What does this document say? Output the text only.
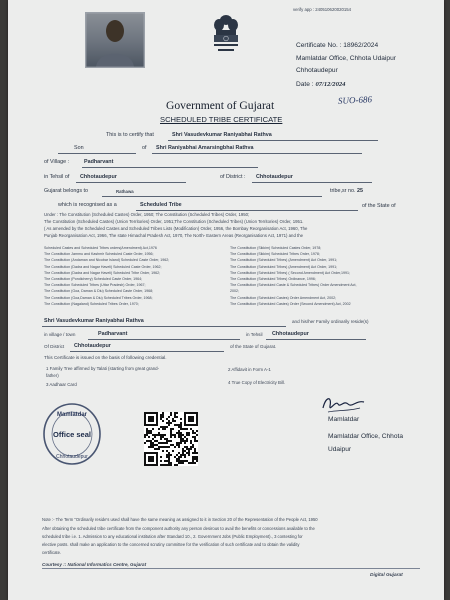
verify app : 240510620020154
Certificate No. : 18962/2024
Mamlatdar Office, Chhota Udaipur
Chhotaudepur
Date : 07/12/2024
SUO-686
Government of Gujarat
SCHEDULED TRIBE CERTIFICATE
This is to certify that	Shri Vasudevkumar Raniyabhai Rathva
Son	of Shri Raniyabhai Amarsingbhai Rathva
of Village :	Padharvant
in Tehsil of Chhotaudepur	of District : Chhotaudepur
Gujarat belongs to	Rathawa	tribe,sr no. 25
which is recognised as a	Scheduled Tribe	of the State of
Under : The Constitution (Scheduled Castes) Order, 1950; The Constitution (Scheduled Tribes) Order, 1950;
The Constitution (Scheduled Castes) (Union Territories) Order, 1951;The Constitution (Scheduled Tribes) (Union Territories) Order, 1951.
( As amended by the Scheduled Castes and Scheduled Tribes Lists (Modification) Order, 1956, the Bombay Reorganisation Act, 1960, The
Punjab Reorganisation Act, 1966, The state Himachal Pradesh Act, 1970, The North- Eastern Areas (Reorganisations Act, 1971) and the
Scheduled Castes and Scheduled Tribes orders(Amendment) Act,1976
The Constitution Jammu and Kashmir Scheduled Caste Order, 1956;
The Constitution (Andaman and Nicobar Island) Scheduled Caste Order, 1962;
The Constitution (Dadra and Nagar Haveli) Scheduled Caste Order, 1962;
The Constitution (Dadra and Nagar Haveli) Scheduled Tribe Order, 1962;
The Constitution (Pondicherry) Scheduled Caste Order, 1964;
The Constitution Scheduled Tribes (Uttar Pradesh) Order, 1967;
The Constitution (Goa, Daman & Diu) Scheduled Caste Order, 1968;
The Constitution (Goa,Daman & Diu) Scheduled Tribes Order, 1968;
The Constitution (Nagaland) Scheduled Tribes Order, 1970;
The Constitution (Sikkim) Scheduled Castes Order, 1978;
The Constitution (Sikkim) Scheduled Tribes Order, 1978;
The Constitution (Scheduled Tribes) (Amendment) Act Order, 1991;
The Constitution (Scheduled Tribes) (Amendment) Act Order, 1991;
The Constitution (Scheduled Tribes) ( Second Amendment) Act Order,1991;
The Constitution (Scheduled Tribes) Ordinance, 1996;
The Constitution (Scheduled Caste & Scheduled Tribes) Order Amendment Act,
2002;
The Constitution (Scheduled Castes) Order Amendment Act, 2002;
The Constitution (Scheduled Castes) Order (Second Amendment) Act, 2002
Shri Vasudevkumar Raniyabhai Rathva	and his/her Family ordinarily reside(s)
in village / town	Padharvant	in Tehsil Chhotaudepur
Of District Chhotaudepur	of the State of Gujarat.
This Certificate is issued on the basis of following credential.
1 Family Tree affirmed by Talati (starting from great grand-
father)
2 Affidavit in Form A-1
3 Aadhaar Card	4 True Copy of Electricity Bill.
Mamlatdar
Office seal
Chhotaudepur
Mamlatdar
Mamlatdar Office, Chhota
Udaipur
Note :- The Term "Ordinarily reside's used shall have the same meaning as assigned to it in Section 20 of the Representation of the People Act, 1950
After obtaining the scheduled tribe certificate from the component authority any person desirous to avail the benefits or concessions available to the
scheduled tribe i.e. 1. Admission to any educational institution after Standard 10., 2. Government Jobs (Public Employment)., 3 contesting for
elective posts. shall make an application to the concerned scrutiny committee for the verification of such certificate and to obtain the validity
certificate.
Courtesy :: National Informatics Centre, Gujarat
Digital Gujarat
